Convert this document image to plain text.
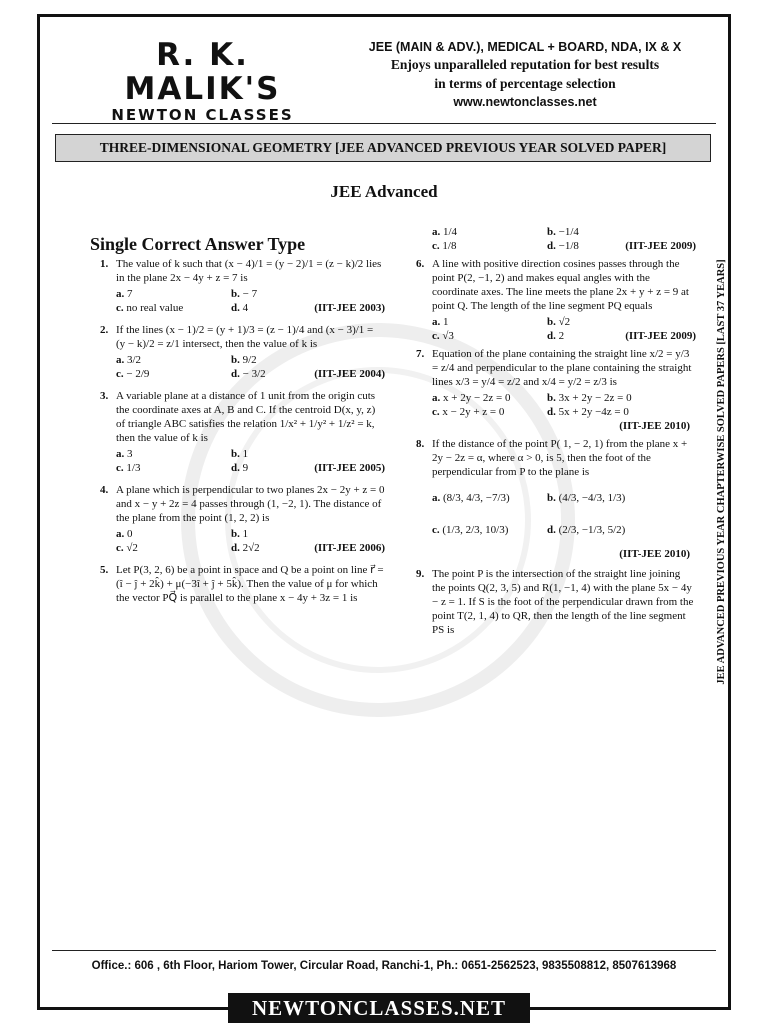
R. K. MALIK'S
NEWTON CLASSES
JEE (MAIN & ADV.), MEDICAL + BOARD, NDA, IX & X
Enjoys unparalleled reputation for best results
in terms of percentage selection
www.newtonclasses.net
THREE-DIMENSIONAL GEOMETRY [JEE ADVANCED PREVIOUS YEAR SOLVED PAPER]
JEE Advanced
Single Correct Answer Type
1. The value of k such that (x − 4)/1 = (y − 2)/1 = (z − k)/2 lies in the plane 2x − 4y + z = 7 is
a. 7	b. − 7
c. no real value	d. 4	(IIT-JEE 2003)
2. If the lines (x − 1)/2 = (y + 1)/3 = (z − 1)/4 and (x − 3)/1 = (y − k)/2 = z/1 intersect, then the value of k is
a. 3/2	b. 9/2
c. − 2/9	d. − 3/2	(IIT-JEE 2004)
3. A variable plane at a distance of 1 unit from the origin cuts the coordinate axes at A, B and C. If the centroid D(x, y, z) of triangle ABC satisfies the relation 1/x² + 1/y² + 1/z² = k, then the value of k is
a. 3	b. 1
c. 1/3	d. 9	(IIT-JEE 2005)
4. A plane which is perpendicular to two planes 2x − 2y + z = 0 and x − y + 2z = 4 passes through (1, −2, 1). The distance of the plane from the point (1, 2, 2) is
a. 0	b. 1
c. √2	d. 2√2	(IIT-JEE 2006)
5. Let P(3, 2, 6) be a point in space and Q be a point on line r⃗ = (î − ĵ + 2k̂) + μ(−3î + ĵ + 5k̂). Then the value of μ for which the vector PQ⃗ is parallel to the plane x − 4y + 3z = 1 is
a. 1/4	b. −1/4
c. 1/8	d. −1/8	(IIT-JEE 2009)
6. A line with positive direction cosines passes through the point P(2, −1, 2) and makes equal angles with the coordinate axes. The line meets the plane 2x + y + z = 9 at point Q. The length of the line segment PQ equals
a. 1	b. √2
c. √3	d. 2	(IIT-JEE 2009)
7. Equation of the plane containing the straight line x/2 = y/3 = z/4 and perpendicular to the plane containing the straight lines x/3 = y/4 = z/2 and x/4 = y/2 = z/3 is
a. x + 2y − 2z = 0	b. 3x + 2y − 2z = 0
c. x − 2y + z = 0	d. 5x + 2y −4z = 0
(IIT-JEE 2010)
8. If the distance of the point P( 1, − 2, 1) from the plane x + 2y − 2z = α, where α > 0, is 5, then the foot of the perpendicular from P to the plane is
a. (8/3, 4/3, −7/3)	b. (4/3, −4/3, 1/3)
c. (1/3, 2/3, 10/3)	d. (2/3, −1/3, 5/2)
(IIT-JEE 2010)
9. The point P is the intersection of the straight line joining the points Q(2, 3, 5) and R(1, −1, 4) with the plane 5x − 4y − z = 1. If S is the foot of the perpendicular drawn from the point T(2, 1, 4) to QR, then the length of the line segment PS is	JEE ADVANCED PREVIOUS YEAR CHAPTERWISE SOLVED PAPERS [LAST 37 YEARS]
Office.: 606 , 6th Floor, Hariom Tower, Circular Road, Ranchi-1, Ph.: 0651-2562523, 9835508812, 8507613968
NEWTONCLASSES.NET
